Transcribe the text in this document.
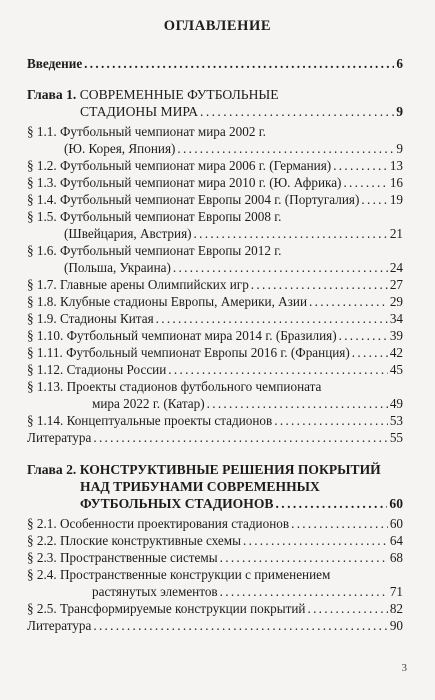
ОГЛАВЛЕНИЕ
Введение . . .	6
Глава 1. СОВРЕМЕННЫЕ ФУТБОЛЬНЫЕ
СТАДИОНЫ МИРА . . .	9
§ 1.1. Футбольный чемпионат мира 2002 г.
(Ю. Корея, Япония) . . .	9
§ 1.2. Футбольный чемпионат мира 2006 г. (Германия) . . .	13
§ 1.3. Футбольный чемпионат мира 2010 г. (Ю. Африка) . . .	16
§ 1.4. Футбольный чемпионат Европы 2004 г. (Португалия) . . . 19
§ 1.5. Футбольный чемпионат Европы 2008 г.
(Швейцария, Австрия) . . .	21
§ 1.6. Футбольный чемпионат Европы 2012 г.
(Польша, Украина) . . .	24
§ 1.7. Главные арены Олимпийских игр . . .	27
§ 1.8. Клубные стадионы Европы, Америки, Азии . . .	29
§ 1.9. Стадионы Китая . . .	34
§ 1.10. Футбольный чемпионат мира 2014 г. (Бразилия) . . .	39
§ 1.11. Футбольный чемпионат Европы 2016 г. (Франция) . . .	42
§ 1.12. Стадионы России . . .	45
§ 1.13. Проекты стадионов футбольного чемпионата
мира 2022 г. (Катар) . . .	49
§ 1.14. Концептуальные проекты стадионов . . .	53
Литература . . .	55
Глава 2. КОНСТРУКТИВНЫЕ РЕШЕНИЯ ПОКРЫТИЙ
НАД ТРИБУНАМИ СОВРЕМЕННЫХ
ФУТБОЛЬНЫХ СТАДИОНОВ . . .	60
§ 2.1. Особенности проектирования стадионов . . .	60
§ 2.2. Плоские конструктивные схемы . . .	64
§ 2.3. Пространственные системы . . .	68
§ 2.4. Пространственные конструкции с применением
растянутых элементов . . .	71
§ 2.5. Трансформируемые конструкции покрытий . . .	82
Литература . . .	90
3
